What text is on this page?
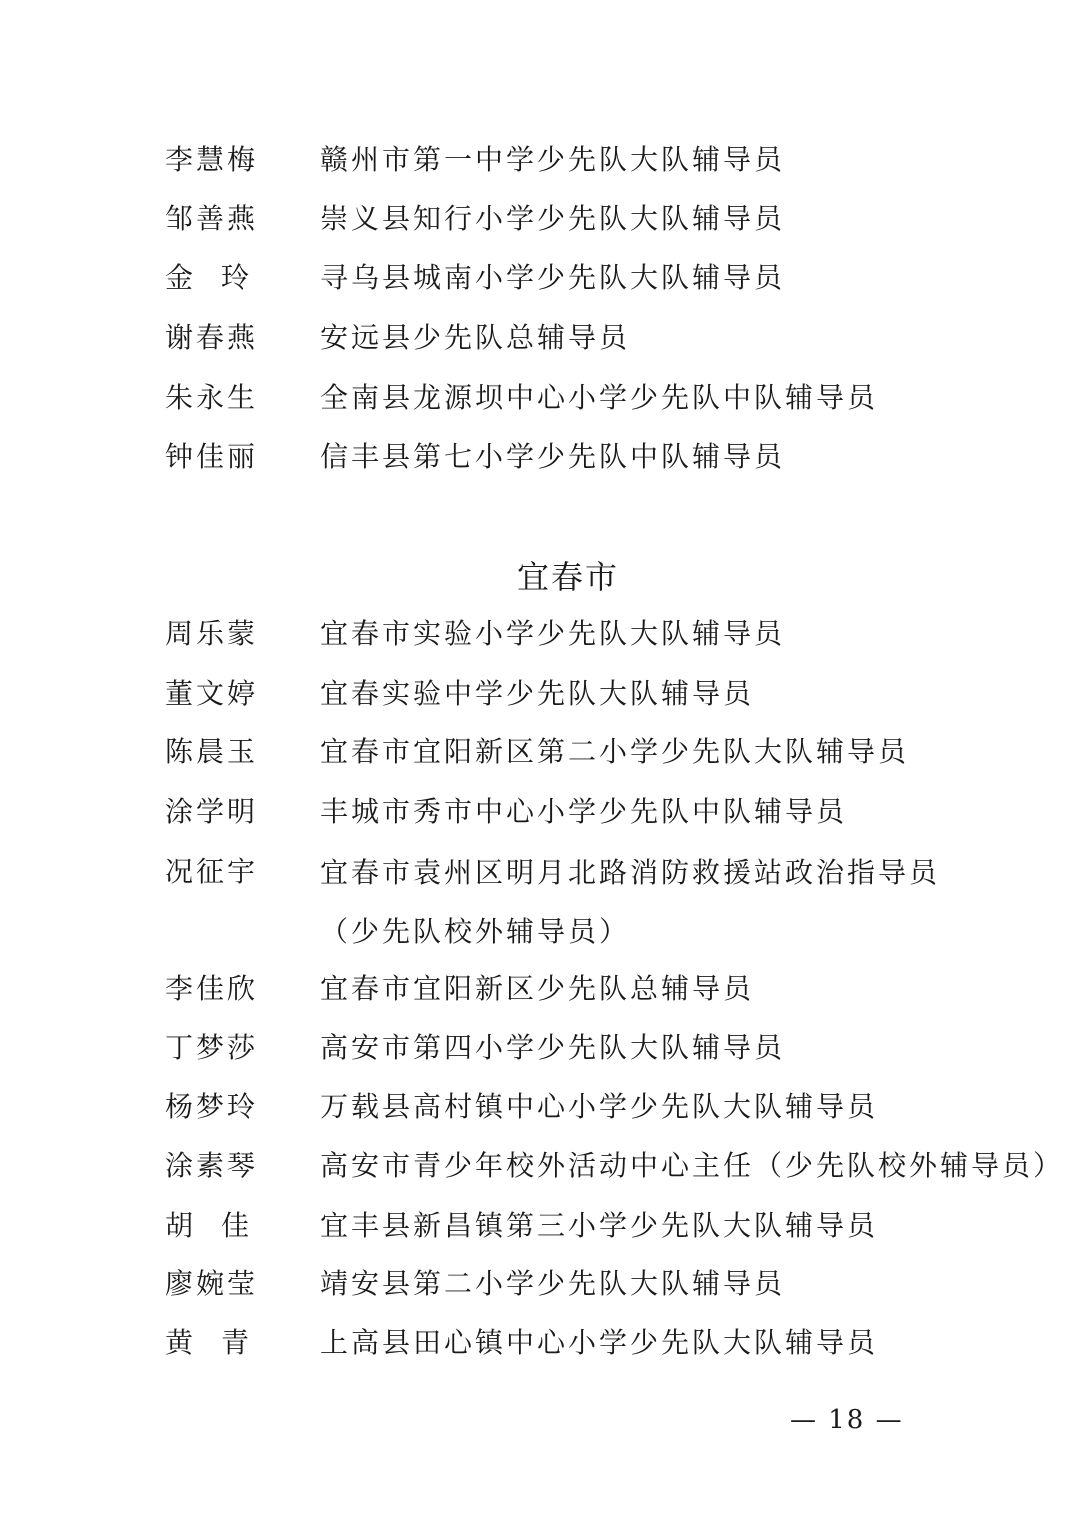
李慧梅 赣州市第一中学少先队大队辅导员
邹善燕 崇义县知行小学少先队大队辅导员
金 玲	寻乌县城南小学少先队大队辅导员
谢春燕 安远县少先队总辅导员
朱永生 全南县龙源坝中心小学少先队中队辅导员
钟佳丽 信丰县第七小学少先队中队辅导员
宜春市
周乐蒙 宜春市实验小学少先队大队辅导员
董文婷 宜春实验中学少先队大队辅导员
陈晨玉 宜春市宜阳新区第二小学少先队大队辅导员
涂学明 丰城市秀市中心小学少先队中队辅导员
况征宇 宜春市袁州区明月北路消防救援站政治指导员（少先队校外辅导员）
李佳欣 宜春市宜阳新区少先队总辅导员
丁梦莎 高安市第四小学少先队大队辅导员
杨梦玲 万载县高村镇中心小学少先队大队辅导员
涂素琴 高安市青少年校外活动中心主任（少先队校外辅导员）
胡 佳	宜丰县新昌镇第三小学少先队大队辅导员
廖婉莹 靖安县第二小学少先队大队辅导员
黄 青	上高县田心镇中心小学少先队大队辅导员
— 18 —
